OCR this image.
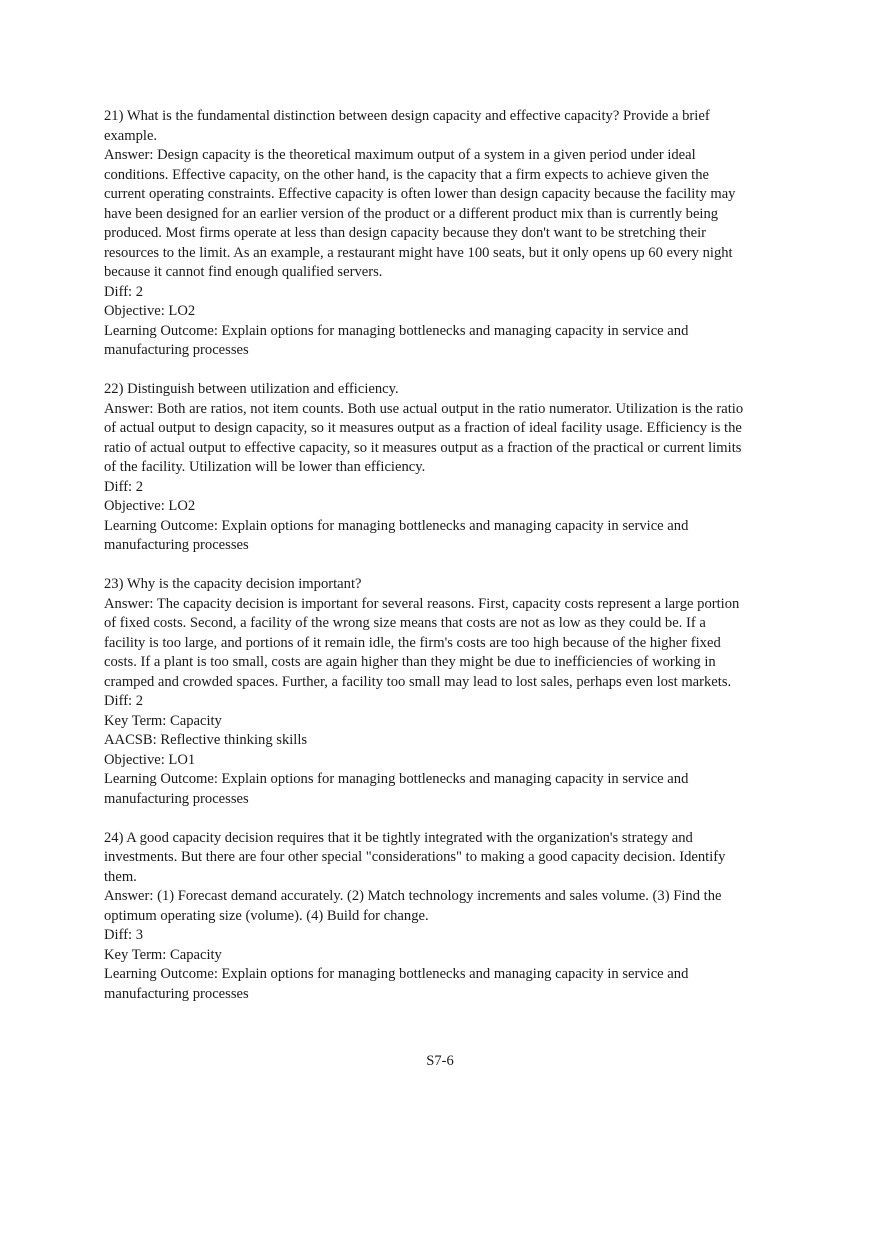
21) What is the fundamental distinction between design capacity and effective capacity? Provide a brief example.
Answer: Design capacity is the theoretical maximum output of a system in a given period under ideal conditions. Effective capacity, on the other hand, is the capacity that a firm expects to achieve given the current operating constraints. Effective capacity is often lower than design capacity because the facility may have been designed for an earlier version of the product or a different product mix than is currently being produced. Most firms operate at less than design capacity because they don't want to be stretching their resources to the limit. As an example, a restaurant might have 100 seats, but it only opens up 60 every night because it cannot find enough qualified servers.
Diff: 2
Objective: LO2
Learning Outcome: Explain options for managing bottlenecks and managing capacity in service and manufacturing processes
22) Distinguish between utilization and efficiency.
Answer: Both are ratios, not item counts. Both use actual output in the ratio numerator. Utilization is the ratio of actual output to design capacity, so it measures output as a fraction of ideal facility usage. Efficiency is the ratio of actual output to effective capacity, so it measures output as a fraction of the practical or current limits of the facility. Utilization will be lower than efficiency.
Diff: 2
Objective: LO2
Learning Outcome: Explain options for managing bottlenecks and managing capacity in service and manufacturing processes
23) Why is the capacity decision important?
Answer: The capacity decision is important for several reasons. First, capacity costs represent a large portion of fixed costs. Second, a facility of the wrong size means that costs are not as low as they could be. If a facility is too large, and portions of it remain idle, the firm's costs are too high because of the higher fixed costs. If a plant is too small, costs are again higher than they might be due to inefficiencies of working in cramped and crowded spaces. Further, a facility too small may lead to lost sales, perhaps even lost markets.
Diff: 2
Key Term: Capacity
AACSB: Reflective thinking skills
Objective: LO1
Learning Outcome: Explain options for managing bottlenecks and managing capacity in service and manufacturing processes
24) A good capacity decision requires that it be tightly integrated with the organization's strategy and investments. But there are four other special "considerations" to making a good capacity decision. Identify them.
Answer: (1) Forecast demand accurately. (2) Match technology increments and sales volume. (3) Find the optimum operating size (volume). (4) Build for change.
Diff: 3
Key Term: Capacity
Learning Outcome: Explain options for managing bottlenecks and managing capacity in service and manufacturing processes
S7-6
